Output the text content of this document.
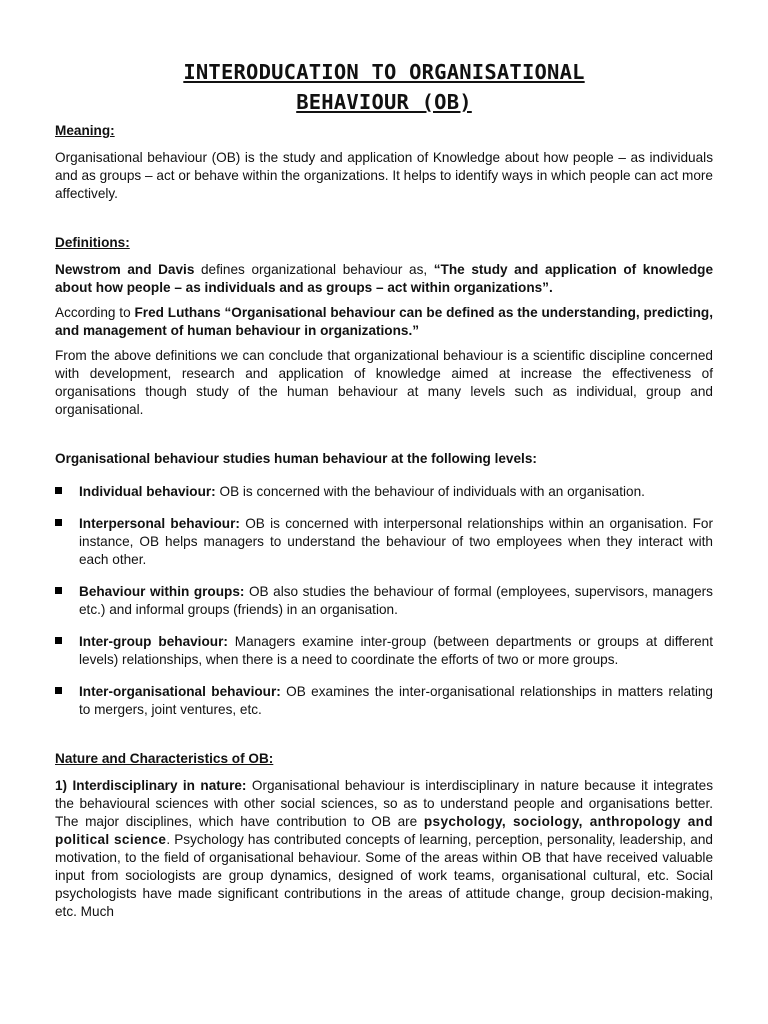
INTERODUCATION TO ORGANISATIONAL
BEHAVIOUR (OB)
Meaning:

Organisational behaviour (OB) is the study and application of Knowledge about how people – as individuals and as groups – act or behave within the organizations. It helps to identify ways in which people can act more affectively.

Definitions:

Newstrom and Davis defines organizational behaviour as, “The study and application of knowledge about how people – as individuals and as groups – act within organizations”.

According to Fred Luthans “Organisational behaviour can be defined as the understanding, predicting, and management of human behaviour in organizations.”

From the above definitions we can conclude that organizational behaviour is a scientific discipline concerned with development, research and application of knowledge aimed at increase the effectiveness of organisations though study of the human behaviour at many levels such as individual, group and organisational.

Organisational behaviour studies human behaviour at the following levels:
Individual behaviour: OB is concerned with the behaviour of individuals with an organisation.
Interpersonal behaviour: OB is concerned with interpersonal relationships within an organisation. For instance, OB helps managers to understand the behaviour of two employees when they interact with each other.
Behaviour within groups: OB also studies the behaviour of formal (employees, supervisors, managers etc.) and informal groups (friends) in an organisation.
Inter-group behaviour: Managers examine inter-group (between departments or groups at different levels) relationships, when there is a need to coordinate the efforts of two or more groups.
Inter-organisational behaviour: OB examines the inter-organisational relationships in matters relating to mergers, joint ventures, etc.
Nature and Characteristics of OB:

1) Interdisciplinary in nature: Organisational behaviour is interdisciplinary in nature because it integrates the behavioural sciences with other social sciences, so as to understand people and organisations better. The major disciplines, which have contribution to OB are psychology, sociology, anthropology and political science. Psychology has contributed concepts of learning, perception, personality, leadership, and motivation, to the field of organisational behaviour. Some of the areas within OB that have received valuable input from sociologists are group dynamics, designed of work teams, organisational cultural, etc. Social psychologists have made significant contributions in the areas of attitude change, group decision-making, etc. Much
